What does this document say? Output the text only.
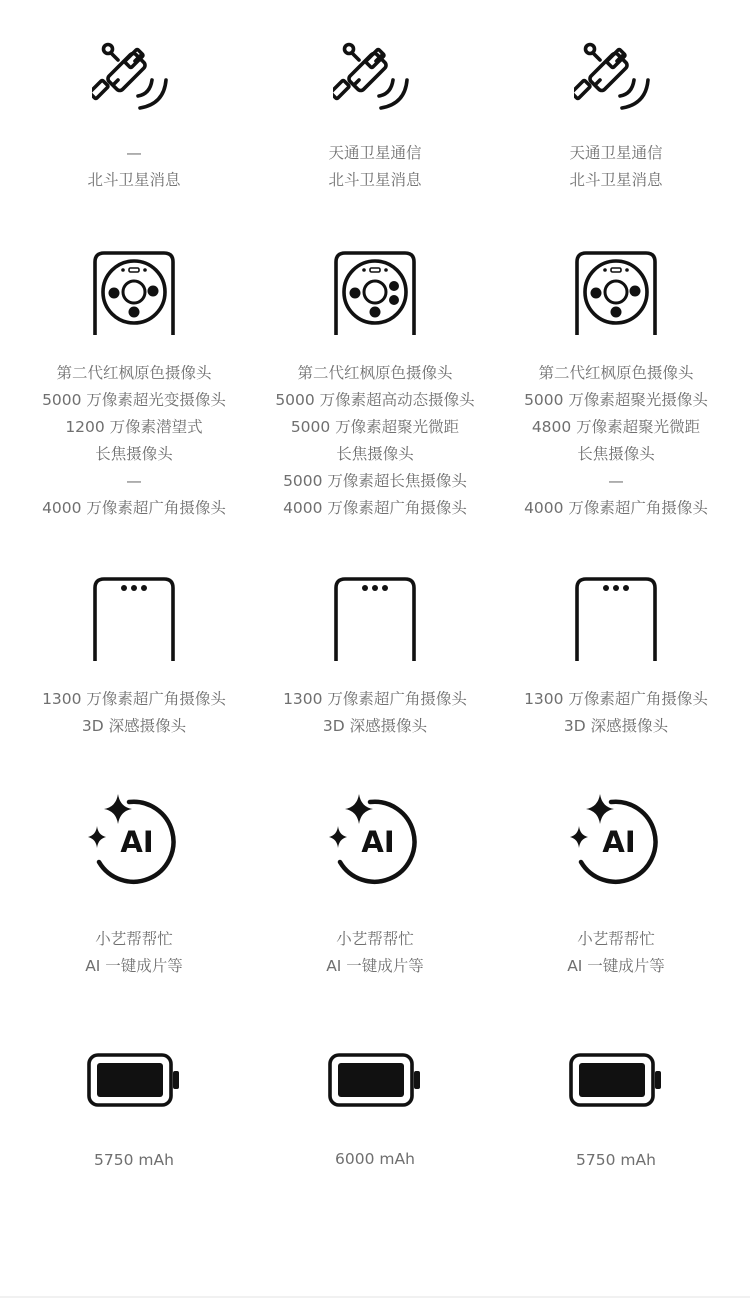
—
北斗卫星消息
天通卫星通信
北斗卫星消息
天通卫星通信
北斗卫星消息
第二代红枫原色摄像头
5000 万像素超光变摄像头
1200 万像素潜望式
长焦摄像头
—
4000 万像素超广角摄像头
第二代红枫原色摄像头
5000 万像素超高动态摄像头
5000 万像素超聚光微距
长焦摄像头
5000 万像素超长焦摄像头
4000 万像素超广角摄像头
第二代红枫原色摄像头
5000 万像素超聚光摄像头
4800 万像素超聚光微距
长焦摄像头
—
4000 万像素超广角摄像头
1300 万像素超广角摄像头
3D 深感摄像头
1300 万像素超广角摄像头
3D 深感摄像头
1300 万像素超广角摄像头
3D 深感摄像头
AI
小艺帮帮忙
AI 一键成片等
AI
小艺帮帮忙
AI 一键成片等
AI
小艺帮帮忙
AI 一键成片等
5750 mAh	6000 mAh	5750 mAh
